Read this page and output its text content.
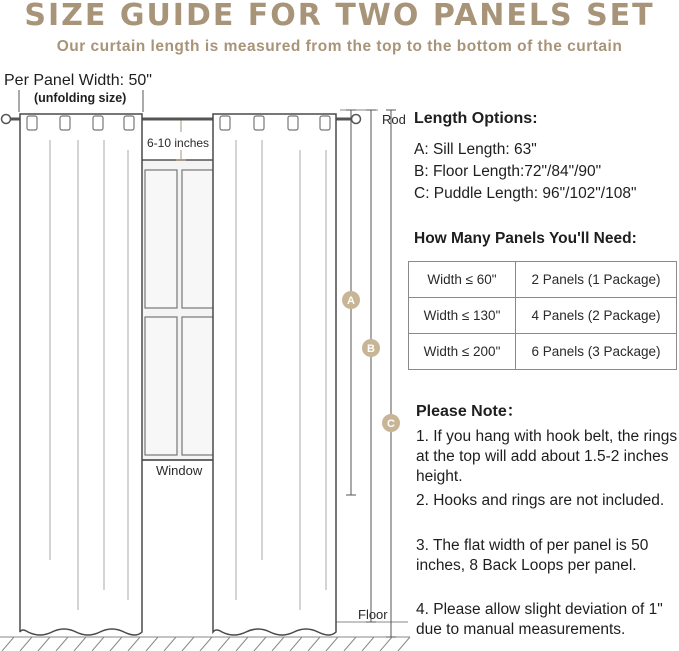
SIZE GUIDE FOR TWO PANELS SET
Our curtain length is measured from the top to the bottom of the curtain
A
B
C
Per Panel Width: 50"
(unfolding size)
6-10 inches
Rod
Window
Floor
Length Options:
A: Sill Length: 63"
B: Floor Length:72"/84"/90"
C: Puddle Length: 96"/102"/108"
How Many Panels You'll Need:
Width ≤ 60"	2 Panels (1 Package)
Width ≤ 130"	4 Panels (2 Package)
Width ≤ 200"	6 Panels (3 Package)
Please Note：
1. If you hang with hook belt, the rings at the top will add about 1.5-2 inches height.
2. Hooks and rings are not included.
3. The flat width of per panel is 50 inches, 8 Back Loops per panel.
4. Please allow slight deviation of 1" due to manual measurements.
